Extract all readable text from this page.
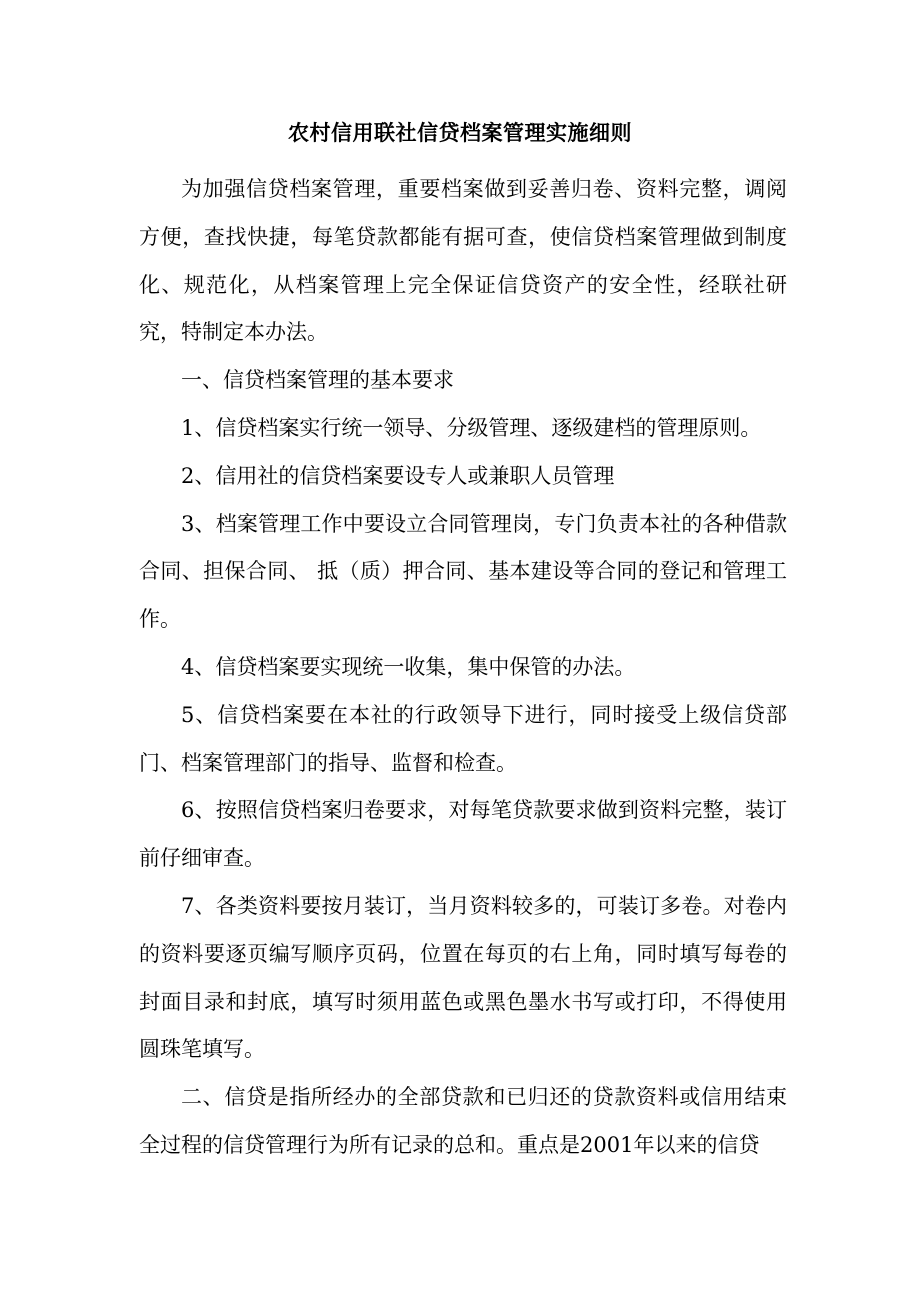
农村信用联社信贷档案管理实施细则

为加强信贷档案管理，重要档案做到妥善归卷、资料完整，调阅方便，查找快捷，每笔贷款都能有据可查，使信贷档案管理做到制度化、规范化，从档案管理上完全保证信贷资产的安全性，经联社研究，特制定本办法。

一、信贷档案管理的基本要求

1、信贷档案实行统一领导、分级管理、逐级建档的管理原则。

2、信用社的信贷档案要设专人或兼职人员管理

3、档案管理工作中要设立合同管理岗，专门负责本社的各种借款合同、担保合同、 抵（质）押合同、基本建设等合同的登记和管理工作。

4、信贷档案要实现统一收集，集中保管的办法。

5、信贷档案要在本社的行政领导下进行，同时接受上级信贷部门、档案管理部门的指导、监督和检查。

6、按照信贷档案归卷要求，对每笔贷款要求做到资料完整，装订前仔细审查。

7、各类资料要按月装订，当月资料较多的，可装订多卷。对卷内的资料要逐页编写顺序页码，位置在每页的右上角，同时填写每卷的封面目录和封底，填写时须用蓝色或黑色墨水书写或打印，不得使用圆珠笔填写。

二、信贷是指所经办的全部贷款和已归还的贷款资料或信用结束全过程的信贷管理行为所有记录的总和。重点是2001年以来的信贷
